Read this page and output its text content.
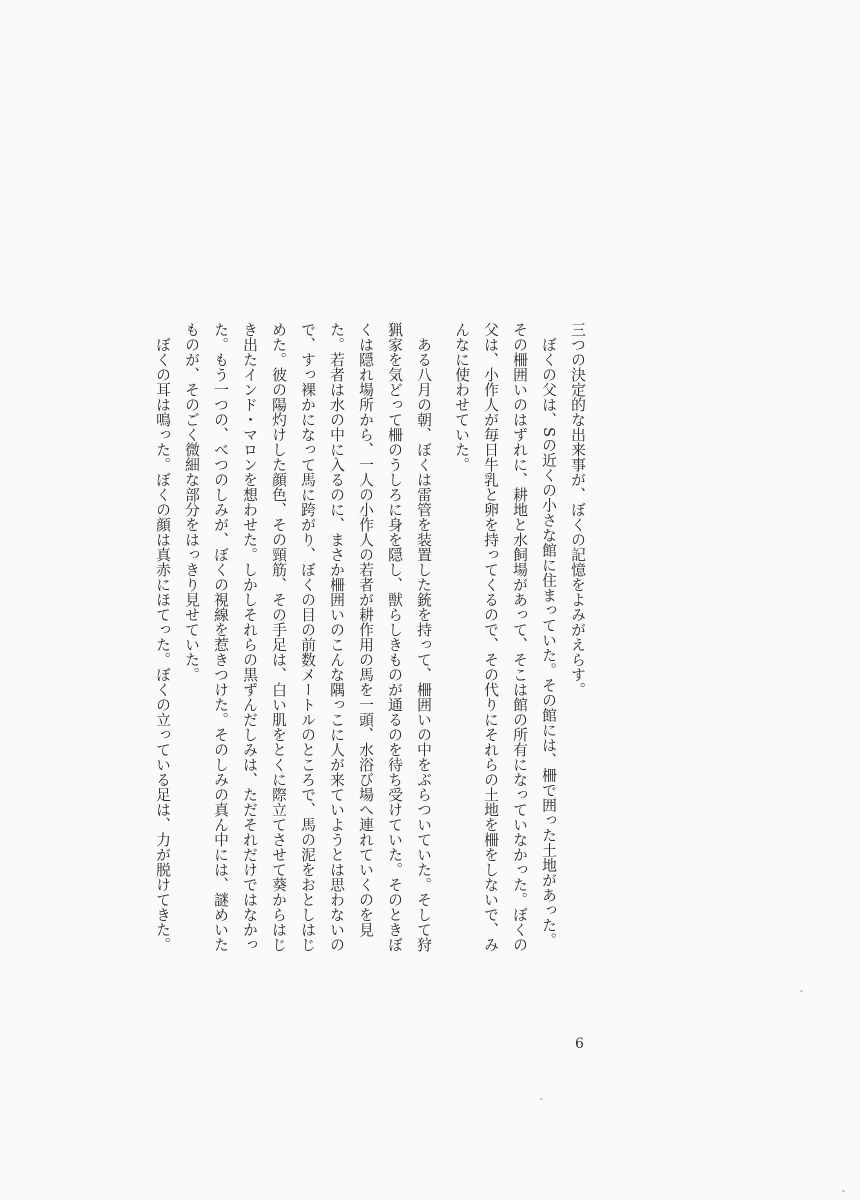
三つの決定的な出来事が、ぼくの記憶をよみがえらす。

ぼくの父は、Sの近くの小さな館に住まっていた。その館には、柵で囲った土地があった。その柵囲いのはずれに、耕地と水飼場があって、そこは館の所有になっていなかった。ぼくの父は、小作人が毎日牛乳と卵を持ってくるので、その代りにそれらの土地を柵をしないで、みんなに使わせていた。

ある八月の朝、ぼくは雷管を装置した銃を持って、柵囲いの中をぶらついていた。そして狩猟家を気どって柵のうしろに身を隠し、獣らしきものが通るのを待ち受けていた。そのときぼくは隠れ場所から、一人の小作人の若者が耕作用の馬を一頭、水浴び場へ連れていくのを見た。若者は水の中に入るのに、まさか柵囲いのこんな隅っこに人が来ていようとは思わないので、すっ裸かになって馬に跨がり、ぼくの目の前数メートルのところで、馬の泥をおとしはじめた。彼の陽灼けした顔色、その頸筋、その手足は、白い肌をとくに際立てさせて葵からはじき出たインド・マロンを想わせた。しかしそれらの黒ずんだしみは、ただそれだけではなかった。もう一つの、べつのしみが、ぼくの視線を惹きつけた。そのしみの真ん中には、謎めいたものが、そのごく微細な部分をはっきり見せていた。

ぼくの耳は鳴った。ぼくの顔は真赤にほてった。ぼくの立っている足は、力が脱けてきた。

6
